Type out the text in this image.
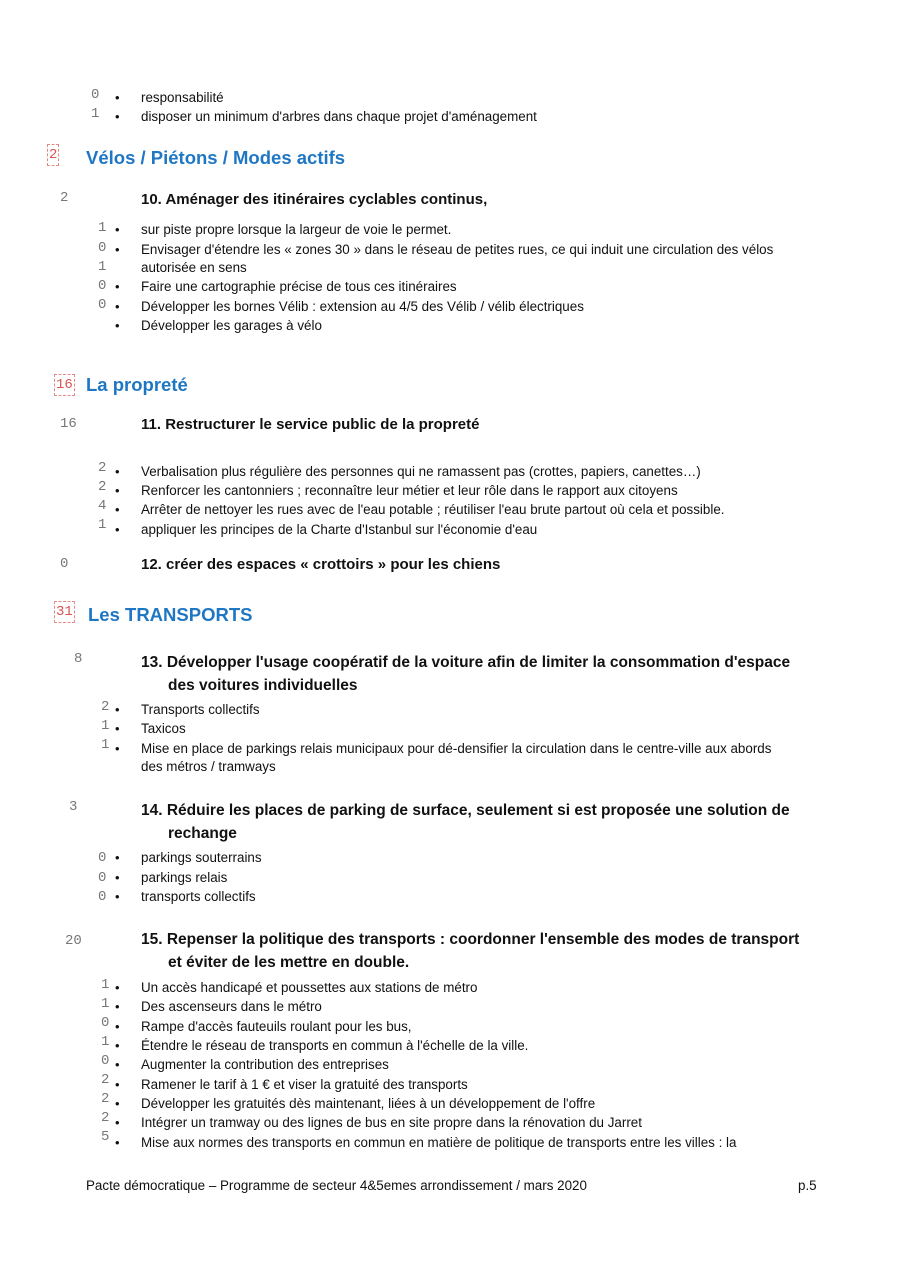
0 • responsabilité
1 • disposer un minimum d'arbres dans chaque projet d'aménagement
2 Vélos / Piétons / Modes actifs
2	10. Aménager des itinéraires cyclables continus,
1 • sur piste propre lorsque la largeur de voie le permet.
0 • Envisager d'étendre les « zones 30 » dans le réseau de petites rues, ce qui induit une circulation des vélos
1	autorisée en sens
0 • Faire une cartographie précise de tous ces itinéraires
0 • Développer les bornes Vélib : extension au 4/5 des Vélib / vélib électriques
• Développer les garages à vélo
16 La propreté
16	11. Restructurer le service public de la propreté
2 • Verbalisation plus régulière des personnes qui ne ramassent pas (crottes, papiers, canettes…)
2 • Renforcer les cantonniers ; reconnaître leur métier et leur rôle dans le rapport aux citoyens
4 • Arrêter de nettoyer les rues avec de l'eau potable ; réutiliser l'eau brute partout où cela et possible.
1 • appliquer les principes de la Charte d'Istanbul sur l'économie d'eau
0	12. créer des espaces « crottoirs » pour les chiens
31 Les TRANSPORTS
8	13. Développer l'usage coopératif de la voiture afin de limiter la consommation d'espace
des voitures individuelles
2 • Transports collectifs
1 • Taxicos
1 • Mise en place de parkings relais municipaux pour dé-densifier la circulation dans le centre-ville aux abords
des métros / tramways
3	14. Réduire les places de parking de surface, seulement si est proposée une solution de
rechange
0 • parkings souterrains
0 • parkings relais
0 • transports collectifs
20	15. Repenser la politique des transports : coordonner l'ensemble des modes de transport
et éviter de les mettre en double.
1 • Un accès handicapé et poussettes aux stations de métro
1 • Des ascenseurs dans le métro
0 • Rampe d'accès fauteuils roulant pour les bus,
1 • Étendre le réseau de transports en commun à l'échelle de la ville.
0 • Augmenter la contribution des entreprises
2 • Ramener le tarif à 1 € et viser la gratuité des transports
2 • Développer les gratuités dès maintenant, liées à un développement de l'offre
2 • Intégrer un tramway ou des lignes de bus en site propre dans la rénovation du Jarret
5 • Mise aux normes des transports en commun en matière de politique de transports entre les villes : la
Pacte démocratique – Programme de secteur 4&5emes arrondissement / mars 2020	p.5
